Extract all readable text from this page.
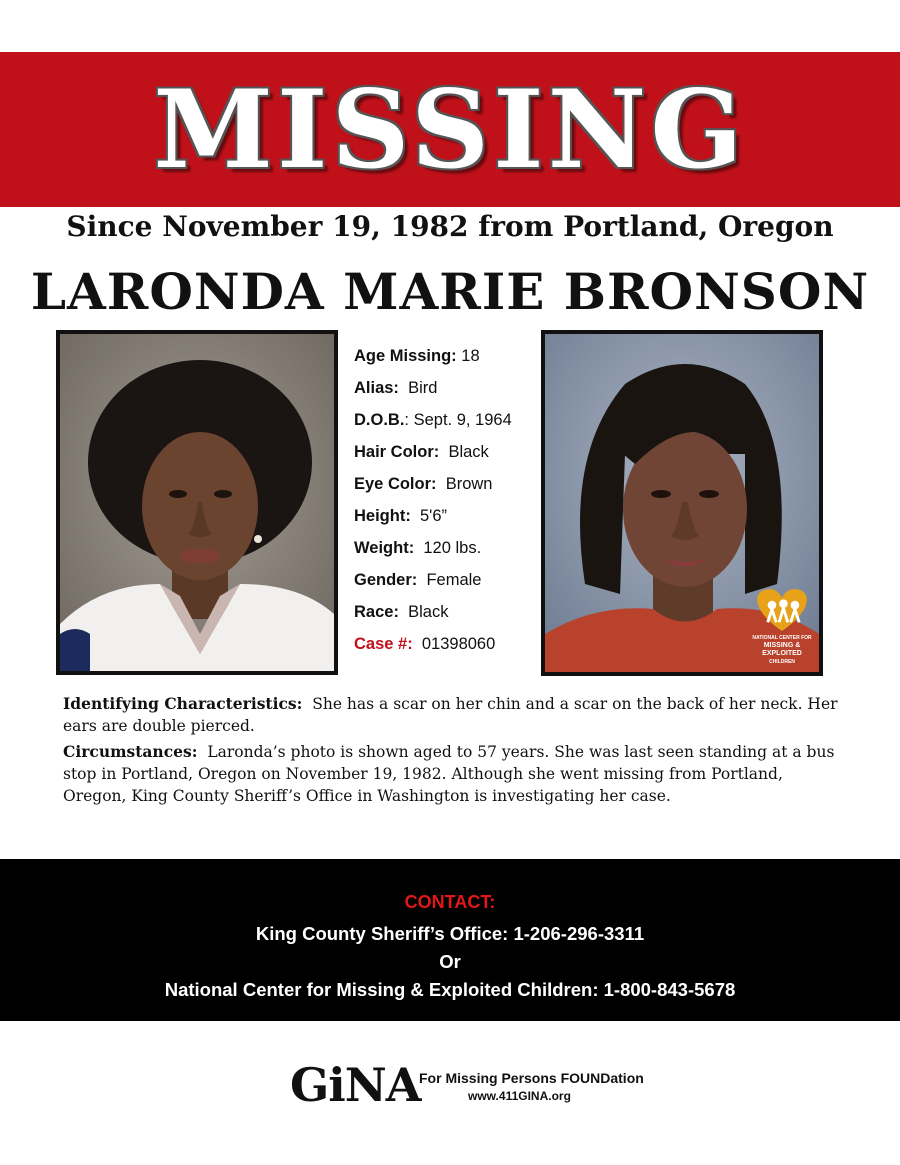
MISSING
Since November 19, 1982 from Portland, Oregon
LARONDA MARIE BRONSON
Age Missing: 18
Alias: Bird
D.O.B.: Sept. 9, 1964
Hair Color: Black
Eye Color: Brown
Height: 5'6”
Weight: 120 lbs.
Gender: Female
Race: Black
Case #: 01398060	NATIONAL CENTER FOR
MISSING &
EXPLOITED
CHILDREN

Identifying Characteristics: She has a scar on her chin and a scar on the back of her neck. Her ears are double pierced.

Circumstances: Laronda’s photo is shown aged to 57 years. She was last seen standing at a bus stop in Portland, Oregon on November 19, 1982. Although she went missing from Portland, Oregon, King County Sheriff’s Office in Washington is investigating her case.

CONTACT:
King County Sheriff’s Office: 1-206-296-3311
Or
National Center for Missing & Exploited Children: 1-800-843-5678
GiNA
For Missing Persons FOUNDation
www.411GINA.org
